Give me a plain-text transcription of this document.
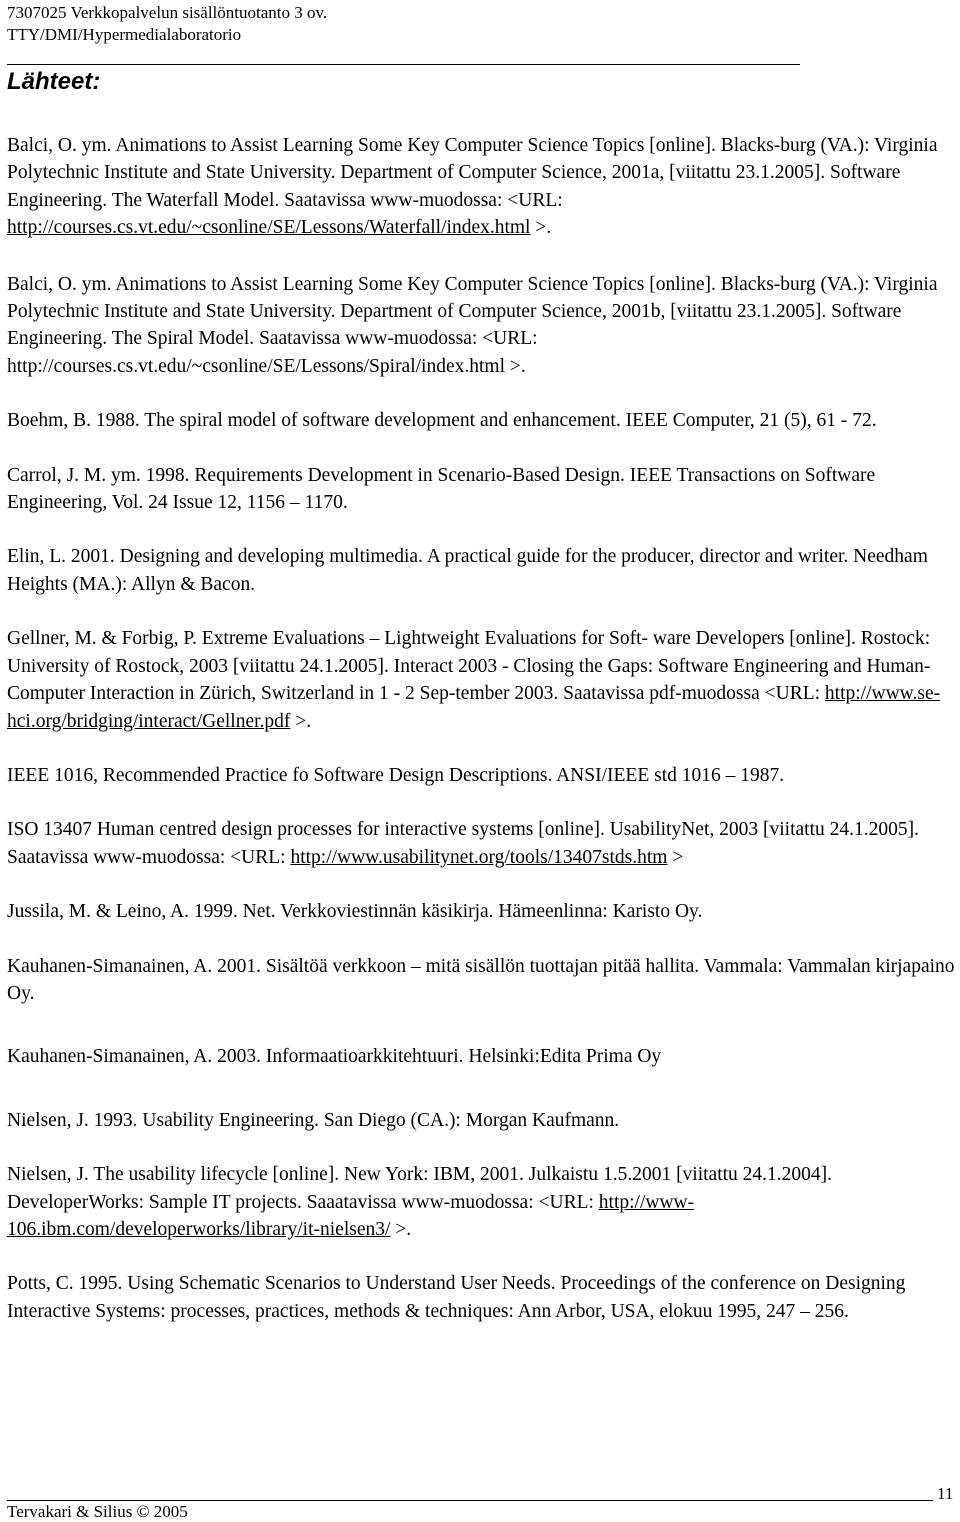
7307025 Verkkopalvelun sisällöntuotanto 3 ov.
TTY/DMI/Hypermedialaboratorio
Lähteet:

Balci, O. ym. Animations to Assist Learning Some Key Computer Science Topics [online]. Blacks-burg (VA.): Virginia Polytechnic Institute and State University. Department of Computer Science, 2001a, [viitattu 23.1.2005]. Software Engineering. The Waterfall Model. Saatavissa www-muodossa: <URL: http://courses.cs.vt.edu/~csonline/SE/Lessons/Waterfall/index.html >.

Balci, O. ym. Animations to Assist Learning Some Key Computer Science Topics [online]. Blacks-burg (VA.): Virginia Polytechnic Institute and State University. Department of Computer Science, 2001b, [viitattu 23.1.2005]. Software Engineering. The Spiral Model. Saatavissa www-muodossa: <URL: http://courses.cs.vt.edu/~csonline/SE/Lessons/Spiral/index.html >.

Boehm, B. 1988. The spiral model of software development and enhancement. IEEE Computer, 21 (5), 61 - 72.

Carrol, J. M. ym. 1998. Requirements Development in Scenario-Based Design. IEEE Transactions on Software Engineering, Vol. 24 Issue 12, 1156 – 1170.

Elin, L. 2001. Designing and developing multimedia. A practical guide for the producer, director and writer. Needham Heights (MA.): Allyn & Bacon.

Gellner, M. & Forbig, P. Extreme Evaluations – Lightweight Evaluations for Soft- ware Developers [online]. Rostock: University of Rostock, 2003 [viitattu 24.1.2005]. Interact 2003 - Closing the Gaps: Software Engineering and Human-Computer Interaction in Zürich, Switzerland in 1 - 2 Sep-tember 2003. Saatavissa pdf-muodossa <URL: http://www.se-hci.org/bridging/interact/Gellner.pdf >.

IEEE 1016, Recommended Practice fo Software Design Descriptions. ANSI/IEEE std 1016 – 1987.

ISO 13407 Human centred design processes for interactive systems [online]. UsabilityNet, 2003 [viitattu 24.1.2005]. Saatavissa www-muodossa: <URL: http://www.usabilitynet.org/tools/13407stds.htm >

Jussila, M. & Leino, A. 1999. Net. Verkkoviestinnän käsikirja. Hämeenlinna: Karisto Oy.

Kauhanen-Simanainen, A. 2001. Sisältöä verkkoon – mitä sisällön tuottajan pitää hallita. Vammala: Vammalan kirjapaino Oy.

Kauhanen-Simanainen, A. 2003. Informaatioarkkitehtuuri. Helsinki:Edita Prima Oy

Nielsen, J. 1993. Usability Engineering. San Diego (CA.): Morgan Kaufmann.

Nielsen, J. The usability lifecycle [online]. New York: IBM, 2001. Julkaistu 1.5.2001 [viitattu 24.1.2004]. DeveloperWorks: Sample IT projects. Saaatavissa www-muodossa: <URL: http://www-106.ibm.com/developerworks/library/it-nielsen3/ >.

Potts, C. 1995. Using Schematic Scenarios to Understand User Needs. Proceedings of the conference on Designing Interactive Systems: processes, practices, methods & techniques: Ann Arbor, USA, elokuu 1995, 247 – 256.

Tervakari & Silius © 2005
11
